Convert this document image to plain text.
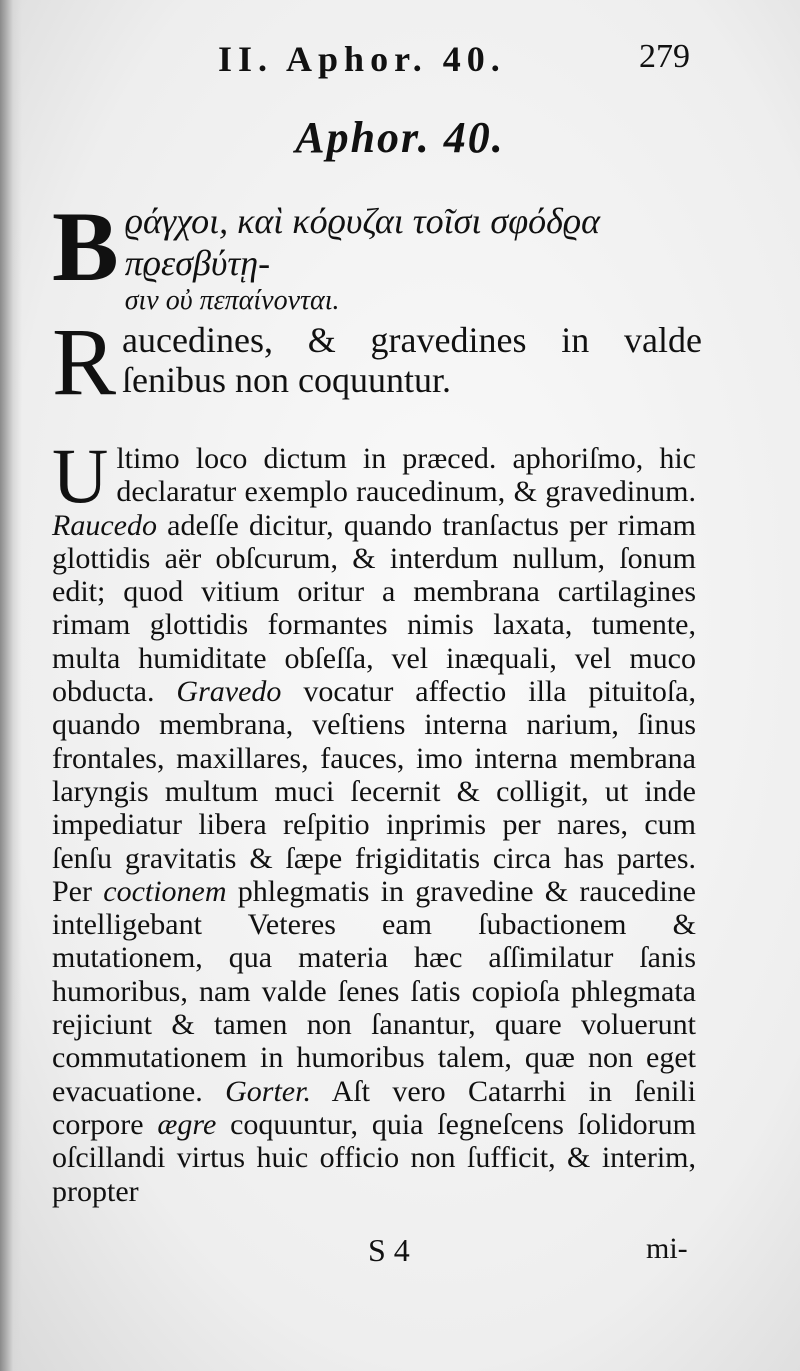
II. Aphor. 40.	279
Aphor. 40.
B ϱάγχοι, καὶ κόϱυζαι τοῖσι σφόδϱα πϱεσβύτῃ-
σιν οὐ πεπαίνονται.
R aucedines, & gravedines in valde
ſenibus non coquuntur.
U ltimo loco dictum in præced. aphoriſmo, hic declaratur exemplo raucedinum, & gravedinum. Raucedo adeſſe dicitur, quando tranſactus per rimam glottidis aër obſcurum, & interdum nullum, ſonum edit; quod vitium oritur a membrana cartilagines rimam glottidis formantes nimis laxata, tumente, multa humiditate obſeſſa, vel inæquali, vel muco obducta. Gravedo vocatur affectio illa pituitoſa, quando membrana, veſtiens interna narium, ſinus frontales, maxillares, fauces, imo interna membrana laryngis multum muci ſecernit & colligit, ut inde impediatur libera reſpitio inprimis per nares, cum ſenſu gravitatis & ſæpe frigiditatis circa has partes. Per coctionem phlegmatis in gravedine & raucedine intelligebant Veteres eam ſubactionem & mutationem, qua materia hæc aſſimilatur ſanis humoribus, nam valde ſenes ſatis copioſa phlegmata rejiciunt & tamen non ſanantur, quare voluerunt commutationem in humoribus talem, quæ non eget evacuatione. Gorter. Aſt vero Catarrhi in ſenili corpore ægre coquuntur, quia ſegneſcens ſolidorum oſcillandi virtus huic officio non ſufficit, & interim, propter
S 4	mi-
